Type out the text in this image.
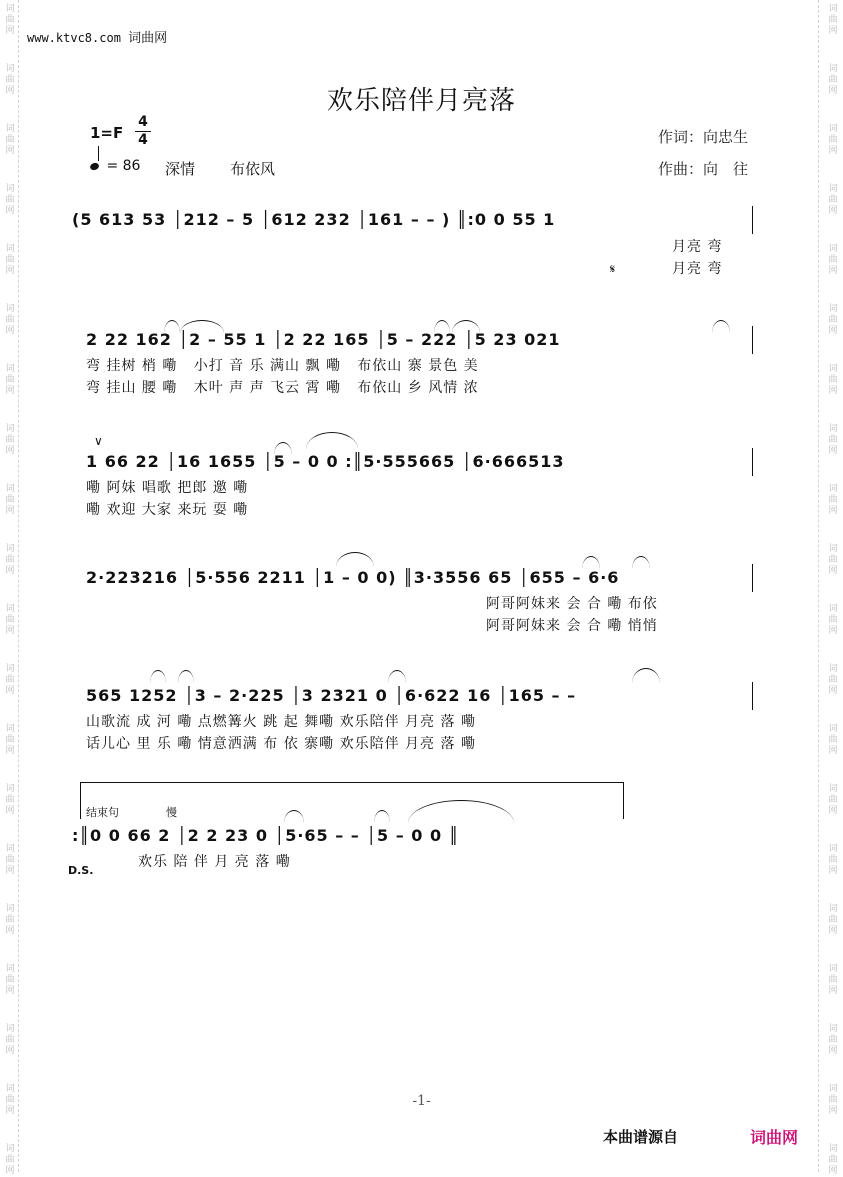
词
曲
网
词
曲
网
词
曲
网
词
曲
网
词
曲
网
词
曲
网
词
曲
网
词
曲
网
词
曲
网
词
曲
网
词
曲
网
词
曲
网
词
曲
网
词
曲
网
词
曲
网
词
曲
网
词
曲
网
词
曲
网
词
曲
网
词
曲
网
词
曲
网
词
曲
网
词
曲
网
词
曲
网
词
曲
网
词
曲
网
词
曲
网
词
曲
网
词
曲
网
词
曲
网
词
曲
网
词
曲
网
词
曲
网
词
曲
网
词
曲
网
词
曲
网
词
曲
网
词
曲
网
词
曲
网
词
曲
网
www.ktvc8.com 词曲网
欢乐陪伴月亮落
1=F
4
4	作词：向忠生
作曲：向　往
= 86 深情 布依风
(5 613 53 │212 – 5 │612 232 │161 – – ) ║:0 0 55 1
月亮 弯
月亮 弯
𝄋
2 22 162 │2 – 55 1 │2 22 165 │5 – 222 │5 23 021
弯 挂树 梢 嘞   小打 音 乐 满山 飘 嘞   布依山 寨 景色 美
弯 挂山 腰 嘞   木叶 声 声 飞云 霄 嘞   布依山 乡 风情 浓
∨
1 66 22 │16 1655 │5 – 0 0 :║5·555665 │6·666513
嘞 阿妹 唱歌 把郎 邀 嘞
嘞 欢迎 大家 来玩 耍 嘞
2·223216 │5·556 2211 │1 – 0 0) ║3·3556 65 │655 – 6·6
阿哥阿妹来 会 合 嘞 布依
阿哥阿妹来 会 合 嘞 悄悄
565 1252 │3 – 2·225 │3 2321 0 │6·622 16 │165 – –
山歌流 成 河 嘞 点燃篝火 跳 起 舞嘞 欢乐陪伴 月亮 落 嘞
话儿心 里 乐 嘞 情意洒满 布 依 寨嘞 欢乐陪伴 月亮 落 嘞
结束句	慢
:║0 0 66 2 │2 2 23 0 │5·65 – – │5 – 0 0 ║
欢乐 陪 伴 月 亮 落 嘞
D.S.
-1-
本曲谱源自	词曲网
